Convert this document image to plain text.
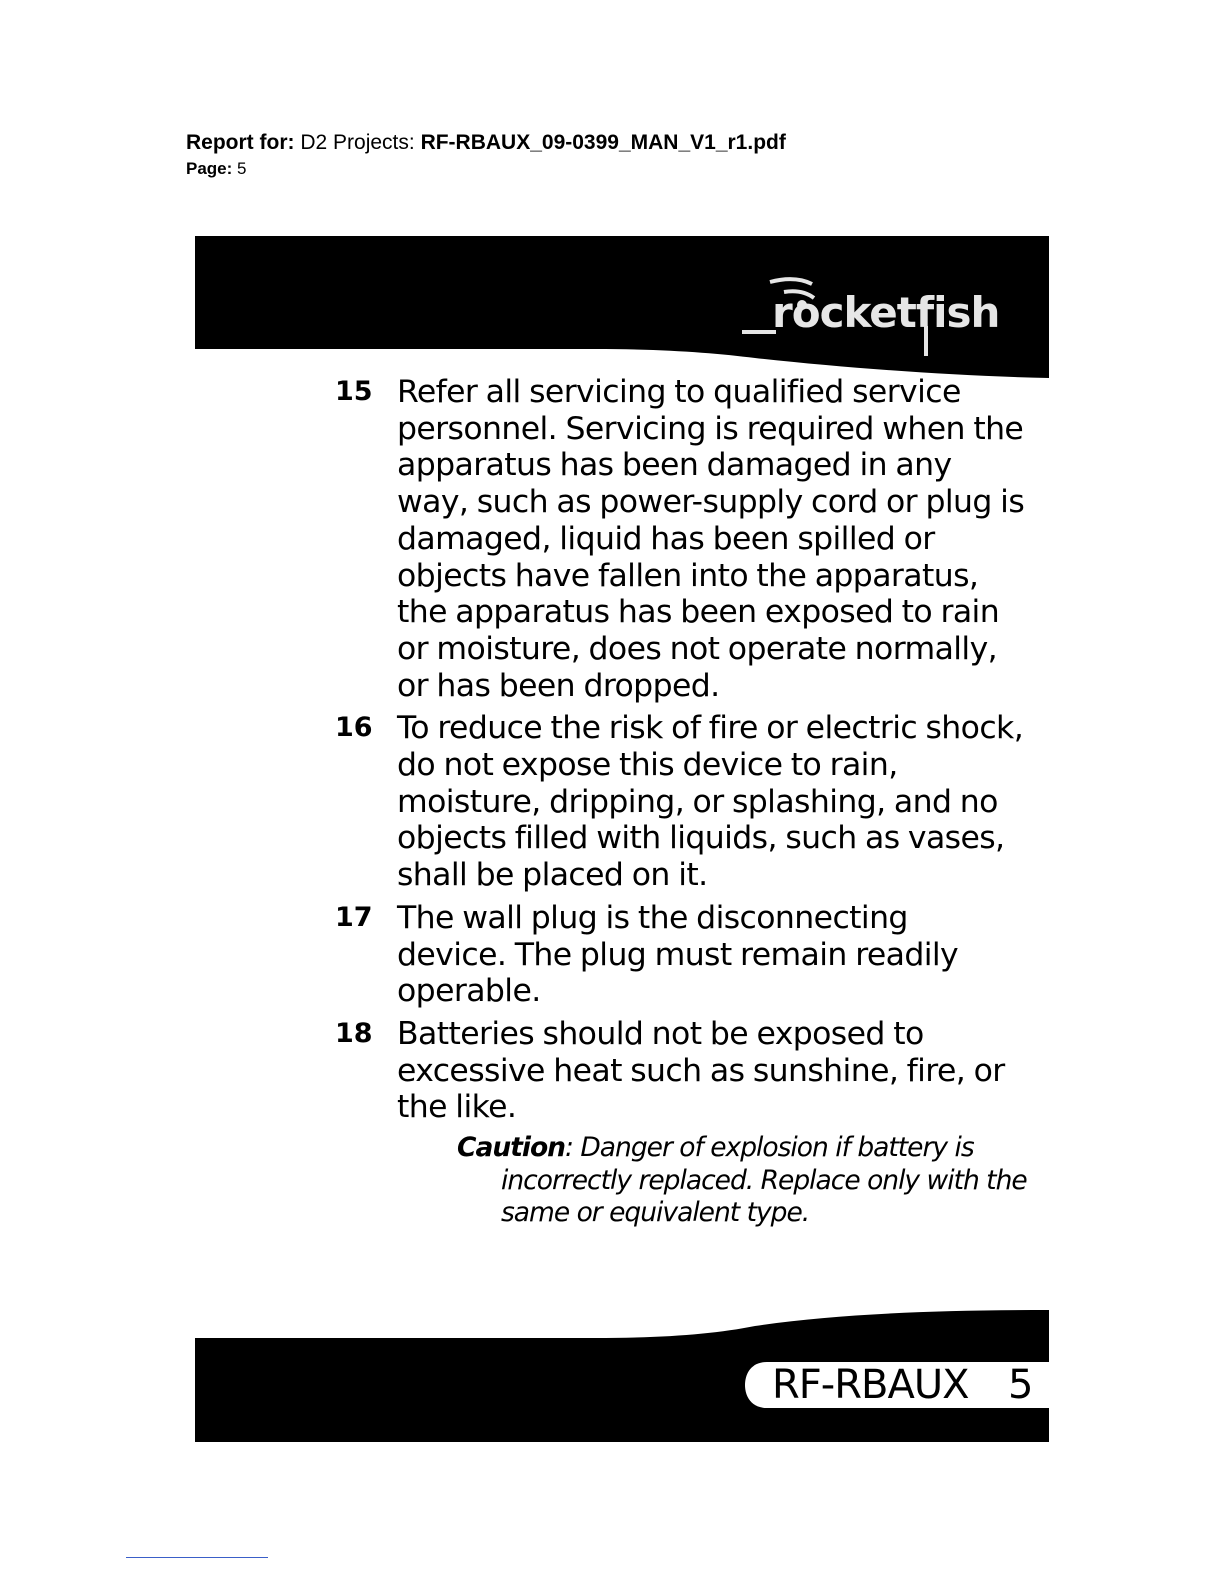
Report for: D2 Projects: RF-RBAUX_09-0399_MAN_V1_r1.pdf
Page: 5
rocketfish
15 Refer all servicing to qualified service personnel. Servicing is required when the apparatus has been damaged in any way, such as power-supply cord or plug is damaged, liquid has been spilled or objects have fallen into the apparatus, the apparatus has been exposed to rain or moisture, does not operate normally, or has been dropped.
16 To reduce the risk of fire or electric shock, do not expose this device to rain, moisture, dripping, or splashing, and no objects filled with liquids, such as vases, shall be placed on it.
17 The wall plug is the disconnecting device. The plug must remain readily operable.
18 Batteries should not be exposed to excessive heat such as sunshine, fire, or the like.
Caution: Danger of explosion if battery is incorrectly replaced. Replace only with the same or equivalent type.
RF-RBAUX 5
